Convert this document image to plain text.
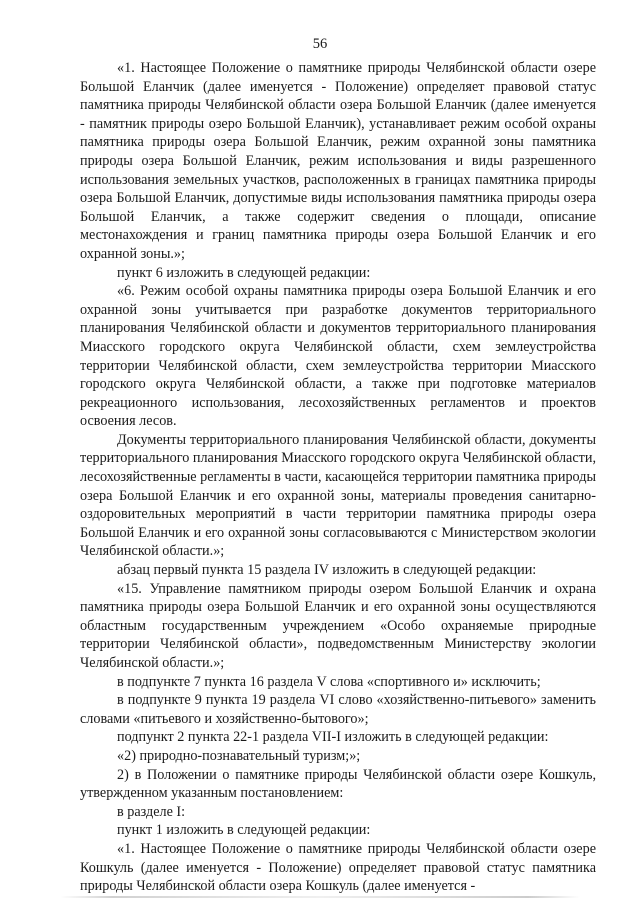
56

«1. Настоящее Положение о памятнике природы Челябинской области озере Большой Еланчик (далее именуется - Положение) определяет правовой статус памятника природы Челябинской области озера Большой Еланчик (далее именуется - памятник природы озеро Большой Еланчик), устанавливает режим особой охраны памятника природы озера Большой Еланчик, режим охранной зоны памятника природы озера Большой Еланчик, режим использования и виды разрешенного использования земельных участков, расположенных в границах памятника природы озера Большой Еланчик, допустимые виды использования памятника природы озера Большой Еланчик, а также содержит сведения о площади, описание местонахождения и границ памятника природы озера Большой Еланчик и его охранной зоны.»;

пункт 6 изложить в следующей редакции:

«6. Режим особой охраны памятника природы озера Большой Еланчик и его охранной зоны учитывается при разработке документов территориального планирования Челябинской области и документов территориального планирования Миасского городского округа Челябинской области, схем землеустройства территории Челябинской области, схем землеустройства территории Миасского городского округа Челябинской области, а также при подготовке материалов рекреационного использования, лесохозяйственных регламентов и проектов освоения лесов.

Документы территориального планирования Челябинской области, документы территориального планирования Миасского городского округа Челябинской области, лесохозяйственные регламенты в части, касающейся территории памятника природы озера Большой Еланчик и его охранной зоны, материалы проведения санитарно-оздоровительных мероприятий в части территории памятника природы озера Большой Еланчик и его охранной зоны согласовываются с Министерством экологии Челябинской области.»;

абзац первый пункта 15 раздела IV изложить в следующей редакции:

«15. Управление памятником природы озером Большой Еланчик и охрана памятника природы озера Большой Еланчик и его охранной зоны осуществляются областным государственным учреждением «Особо охраняемые природные территории Челябинской области», подведомственным Министерству экологии Челябинской области.»;

в подпункте 7 пункта 16 раздела V слова «спортивного и» исключить;

в подпункте 9 пункта 19 раздела VI слово «хозяйственно-питьевого» заменить словами «питьевого и хозяйственно-бытового»;

подпункт 2 пункта 22-1 раздела VII-I изложить в следующей редакции:

«2) природно-познавательный туризм;»;

2) в Положении о памятнике природы Челябинской области озере Кошкуль, утвержденном указанным постановлением:

в разделе I:

пункт 1 изложить в следующей редакции:

«1. Настоящее Положение о памятнике природы Челябинской области озере Кошкуль (далее именуется - Положение) определяет правовой статус памятника природы Челябинской области озера Кошкуль (далее именуется -
